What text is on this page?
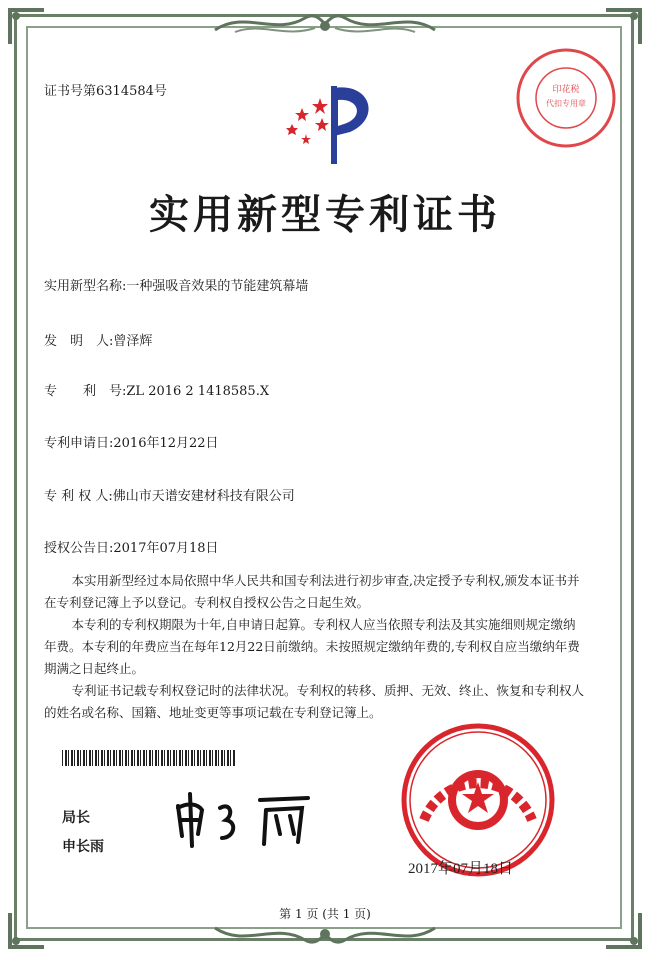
证书号第6314584号	印花税
代扣专用章
实用新型专利证书
实用新型名称:一种强吸音效果的节能建筑幕墙
发　明　人:曾泽辉
专　　利　号:ZL 2016 2 1418585.X
专利申请日:2016年12月22日
专 利 权 人:佛山市天谱安建材科技有限公司
授权公告日:2017年07月18日

本实用新型经过本局依照中华人民共和国专利法进行初步审查,决定授予专利权,颁发本证书并在专利登记簿上予以登记。专利权自授权公告之日起生效。

本专利的专利权期限为十年,自申请日起算。专利权人应当依照专利法及其实施细则规定缴纳年费。本专利的年费应当在每年12月22日前缴纳。未按照规定缴纳年费的,专利权自应当缴纳年费期满之日起终止。

专利证书记载专利权登记时的法律状况。专利权的转移、质押、无效、终止、恢复和专利权人的姓名或名称、国籍、地址变更等事项记载在专利登记簿上。

局长
申长雨
2017年07月18日
第 1 页 (共 1 页)
